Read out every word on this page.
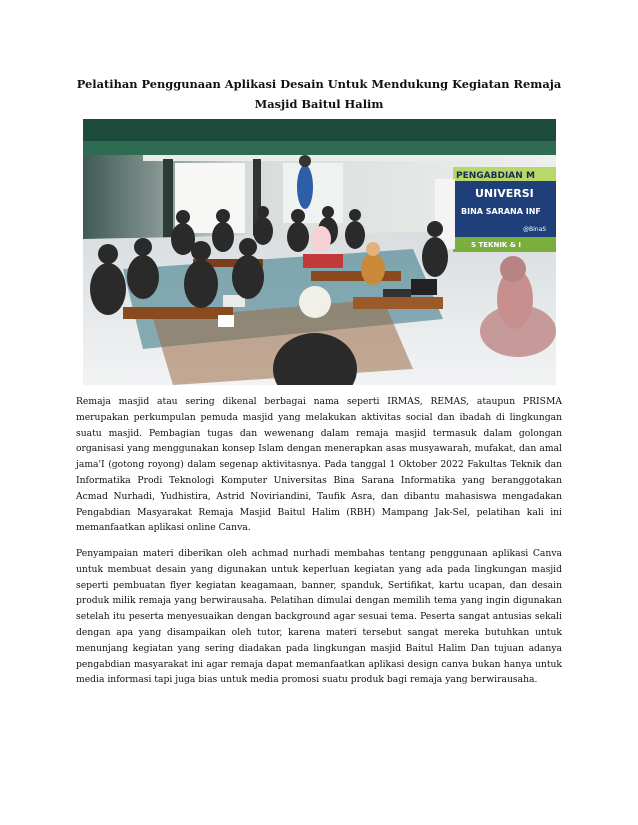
Pelatihan Penggunaan Aplikasi Desain Untuk Mendukung Kegiatan Remaja Masjid Baitul Halim
PENGABDIAN M
UNIVERSI
BINA SARANA INF
S TEKNIK & I
@BinaS

Remaja masjid atau sering dikenal berbagai nama seperti IRMAS, REMAS, ataupun PRISMA merupakan perkumpulan pemuda masjid yang melakukan aktivitas social dan ibadah di lingkungan suatu masjid. Pembagian tugas dan wewenang dalam remaja masjid termasuk dalam golongan organisasi yang menggunakan konsep Islam dengan menerapkan asas musyawarah, mufakat, dan amal jama'I (gotong royong) dalam segenap aktivitasnya. Pada tanggal 1 Oktober 2022 Fakultas Teknik dan Informatika Prodi Teknologi Komputer Universitas Bina Sarana Informatika yang beranggotakan Acmad Nurhadi, Yudhistira, Astrid Noviriandini, Taufik Asra, dan dibantu mahasiswa mengadakan Pengabdian Masyarakat Remaja Masjid Baitul Halim (RBH) Mampang Jak-Sel, pelatihan kali ini memanfaatkan aplikasi online Canva.

Penyampaian materi diberikan oleh achmad nurhadi membahas tentang penggunaan aplikasi Canva untuk membuat desain yang digunakan untuk keperluan kegiatan yang ada pada lingkungan masjid seperti pembuatan flyer kegiatan keagamaan, banner, spanduk, Sertifikat, kartu ucapan, dan desain produk milik remaja yang berwirausaha. Pelatihan dimulai dengan memilih tema yang ingin digunakan setelah itu peserta menyesuaikan dengan background agar sesuai tema. Peserta sangat antusias sekali dengan apa yang disampaikan oleh tutor, karena materi tersebut sangat mereka butuhkan untuk menunjang kegiatan yang sering diadakan pada lingkungan masjid Baitul Halim Dan tujuan adanya pengabdian masyarakat ini agar remaja dapat memanfaatkan aplikasi design canva bukan hanya untuk media informasi tapi juga bias untuk media promosi suatu produk bagi remaja yang berwirausaha.
